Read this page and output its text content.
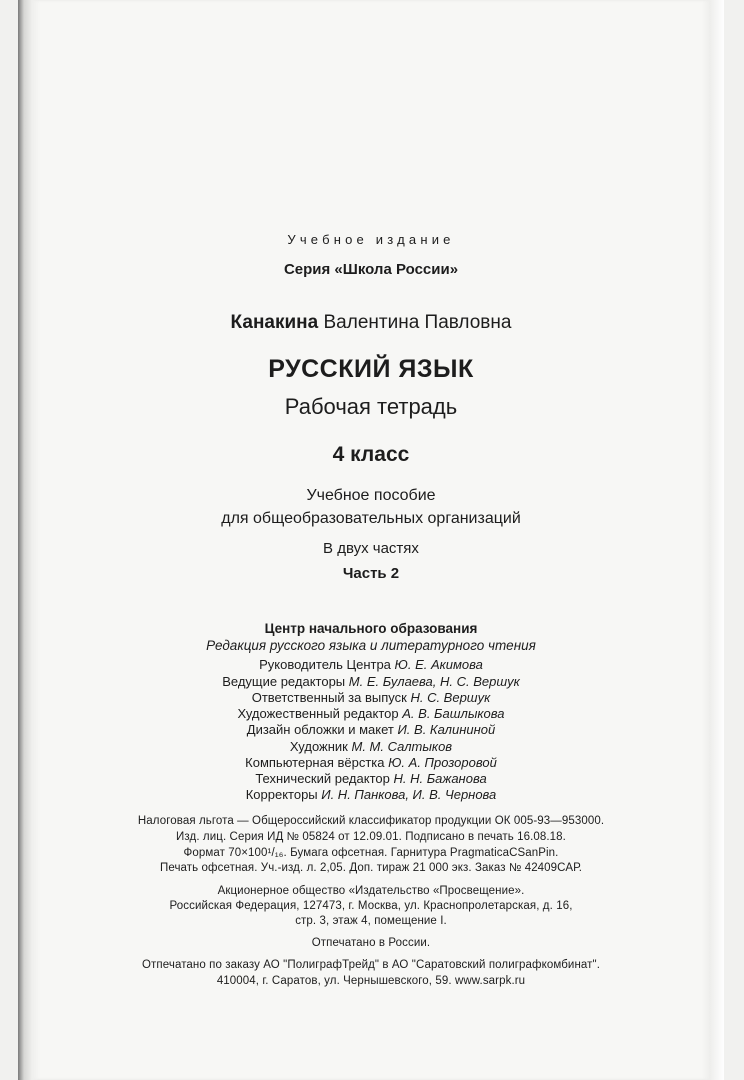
Учебное издание
Серия «Школа России»
Канакина Валентина Павловна
РУССКИЙ ЯЗЫК
Рабочая тетрадь
4 класс
Учебное пособие
для общеобразовательных организаций
В двух частях
Часть 2
Центр начального образования
Редакция русского языка и литературного чтения
Руководитель Центра Ю. Е. Акимова
Ведущие редакторы М. Е. Булаева, Н. С. Вершук
Ответственный за выпуск Н. С. Вершук
Художественный редактор А. В. Башлыкова
Дизайн обложки и макет И. В. Калининой
Художник М. М. Салтыков
Компьютерная вёрстка Ю. А. Прозоровой
Технический редактор Н. Н. Бажанова
Корректоры И. Н. Панкова, И. В. Чернова
Налоговая льгота — Общероссийский классификатор продукции ОК 005-93—953000.
Изд. лиц. Серия ИД № 05824 от 12.09.01. Подписано в печать 16.08.18.
Формат 70×100¹/₁₆. Бумага офсетная. Гарнитура PragmaticaCSanPin.
Печать офсетная. Уч.-изд. л. 2,05. Доп. тираж 21 000 экз. Заказ № 42409САР.
Акционерное общество «Издательство «Просвещение».
Российская Федерация, 127473, г. Москва, ул. Краснопролетарская, д. 16,
стр. 3, этаж 4, помещение I.
Отпечатано в России.
Отпечатано по заказу АО "ПолиграфТрейд" в АО "Саратовский полиграфкомбинат".
410004, г. Саратов, ул. Чернышевского, 59. www.sarpk.ru
